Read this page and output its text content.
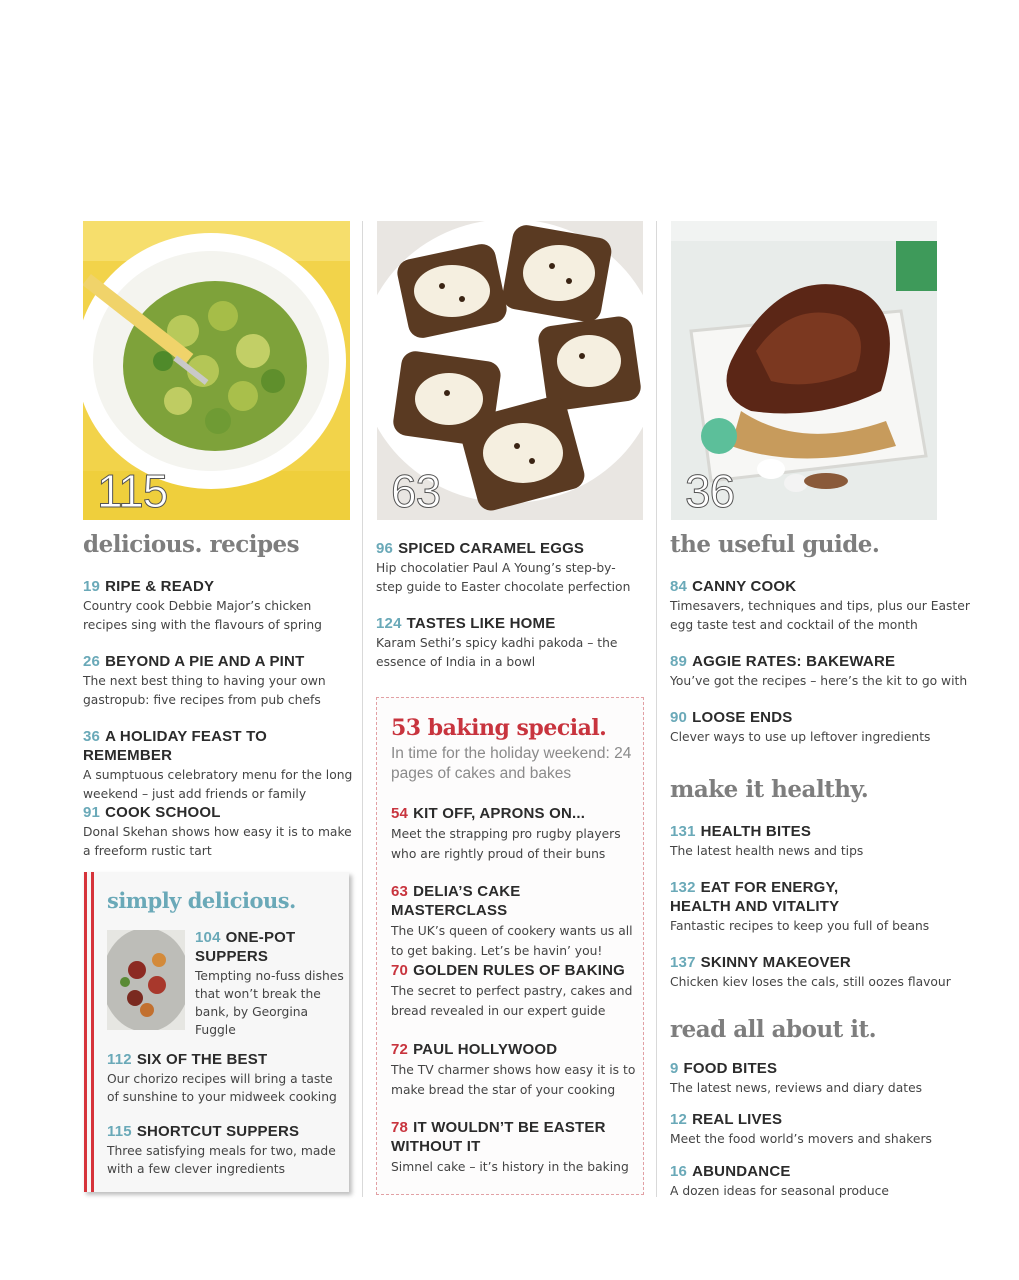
115	63	36
delicious. recipes
19 RIPE & READY
Country cook Debbie Major’s chicken recipes sing with the flavours of spring
26 BEYOND A PIE AND A PINT
The next best thing to having your own gastropub: five recipes from pub chefs
36 A HOLIDAY FEAST TO REMEMBER
A sumptuous celebratory menu for the long weekend – just add friends or family
91 COOK SCHOOL
Donal Skehan shows how easy it is to make a freeform rustic tart
simply delicious.
104 ONE-POT SUPPERS
Tempting no-fuss dishes that won’t break the bank, by Georgina Fuggle
112 SIX OF THE BEST
Our chorizo recipes will bring a taste of sunshine to your midweek cooking
115 SHORTCUT SUPPERS
Three satisfying meals for two, made with a few clever ingredients
96 SPICED CARAMEL EGGS
Hip chocolatier Paul A Young’s step-by-step guide to Easter chocolate perfection
124 TASTES LIKE HOME
Karam Sethi’s spicy kadhi pakoda – the essence of India in a bowl
53 baking special.
In time for the holiday weekend: 24 pages of cakes and bakes
54 KIT OFF, APRONS ON...
Meet the strapping pro rugby players who are rightly proud of their buns
63 DELIA’S CAKE MASTERCLASS
The UK’s queen of cookery wants us all to get baking. Let’s be havin’ you!
70 GOLDEN RULES OF BAKING
The secret to perfect pastry, cakes and bread revealed in our expert guide
72 PAUL HOLLYWOOD
The TV charmer shows how easy it is to make bread the star of your cooking
78 IT WOULDN’T BE EASTER WITHOUT IT
Simnel cake – it’s history in the baking
the useful guide.
84 CANNY COOK
Timesavers, techniques and tips, plus our Easter egg taste test and cocktail of the month
89 AGGIE RATES: BAKEWARE
You’ve got the recipes – here’s the kit to go with
90 LOOSE ENDS
Clever ways to use up leftover ingredients
make it healthy.
131 HEALTH BITES
The latest health news and tips
132 EAT FOR ENERGY, HEALTH AND VITALITY
Fantastic recipes to keep you full of beans
137 SKINNY MAKEOVER
Chicken kiev loses the cals, still oozes flavour
read all about it.
9 FOOD BITES
The latest news, reviews and diary dates
12 REAL LIVES
Meet the food world’s movers and shakers
16 ABUNDANCE
A dozen ideas for seasonal produce
